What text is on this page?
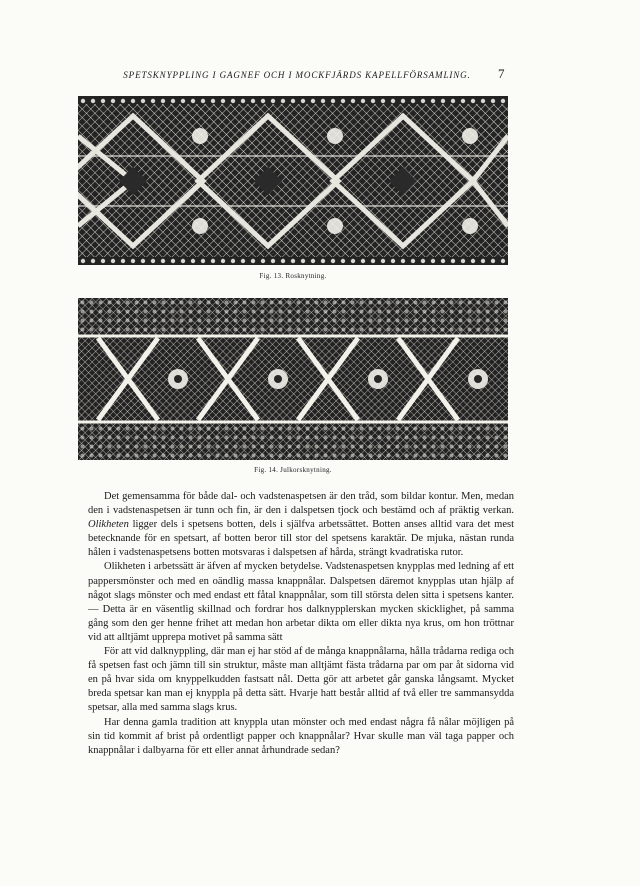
SPETSKNYPPLING I GAGNEF OCH I MOCKFJÄRDS KAPELLFÖRSAMLING.	7
Fig. 13. Rosknytning.
Fig. 14. Julkorsknytning.

Det gemensamma för både dal- och vadstenaspetsen är den tråd, som bildar kontur. Men, medan den i vadstenaspetsen är tunn och fin, är den i dalspetsen tjock och bestämd och af präktig verkan. Olikheten ligger dels i spetsens botten, dels i själfva arbetssättet. Botten anses alltid vara det mest betecknande för en spetsart, af botten beror till stor del spetsens karaktär. De mjuka, nästan runda hålen i vadstenaspetsens botten motsvaras i dalspetsen af hårda, strängt kvadratiska rutor.

Olikheten i arbetssätt är äfven af mycken betydelse. Vadstenaspetsen knypplas med ledning af ett pappersmönster och med en oändlig massa knappnålar. Dalspetsen däremot knypplas utan hjälp af något slags mönster och med endast ett fåtal knappnålar, som till största delen sitta i spetsens kanter. — Detta är en väsentlig skillnad och fordrar hos dalknypplerskan mycken skicklighet, på samma gång som den ger henne frihet att medan hon arbetar dikta om eller dikta nya krus, om hon tröttnar vid att alltjämt upprepa motivet på samma sätt

För att vid dalknyppling, där man ej har stöd af de många knappnålarna, hålla trådarna rediga och få spetsen fast och jämn till sin struktur, måste man alltjämt fästa trådarna par om par åt sidorna vid en på hvar sida om knyppelkudden fastsatt nål. Detta gör att arbetet går ganska långsamt. Mycket breda spetsar kan man ej knyppla på detta sätt. Hvarje hatt består alltid af två eller tre sammansydda spetsar, alla med samma slags krus.

Har denna gamla tradition att knyppla utan mönster och med endast några få nålar möjligen på sin tid kommit af brist på ordentligt papper och knappnålar? Hvar skulle man väl taga papper och knappnålar i dalbyarna för ett eller annat århundrade sedan?
